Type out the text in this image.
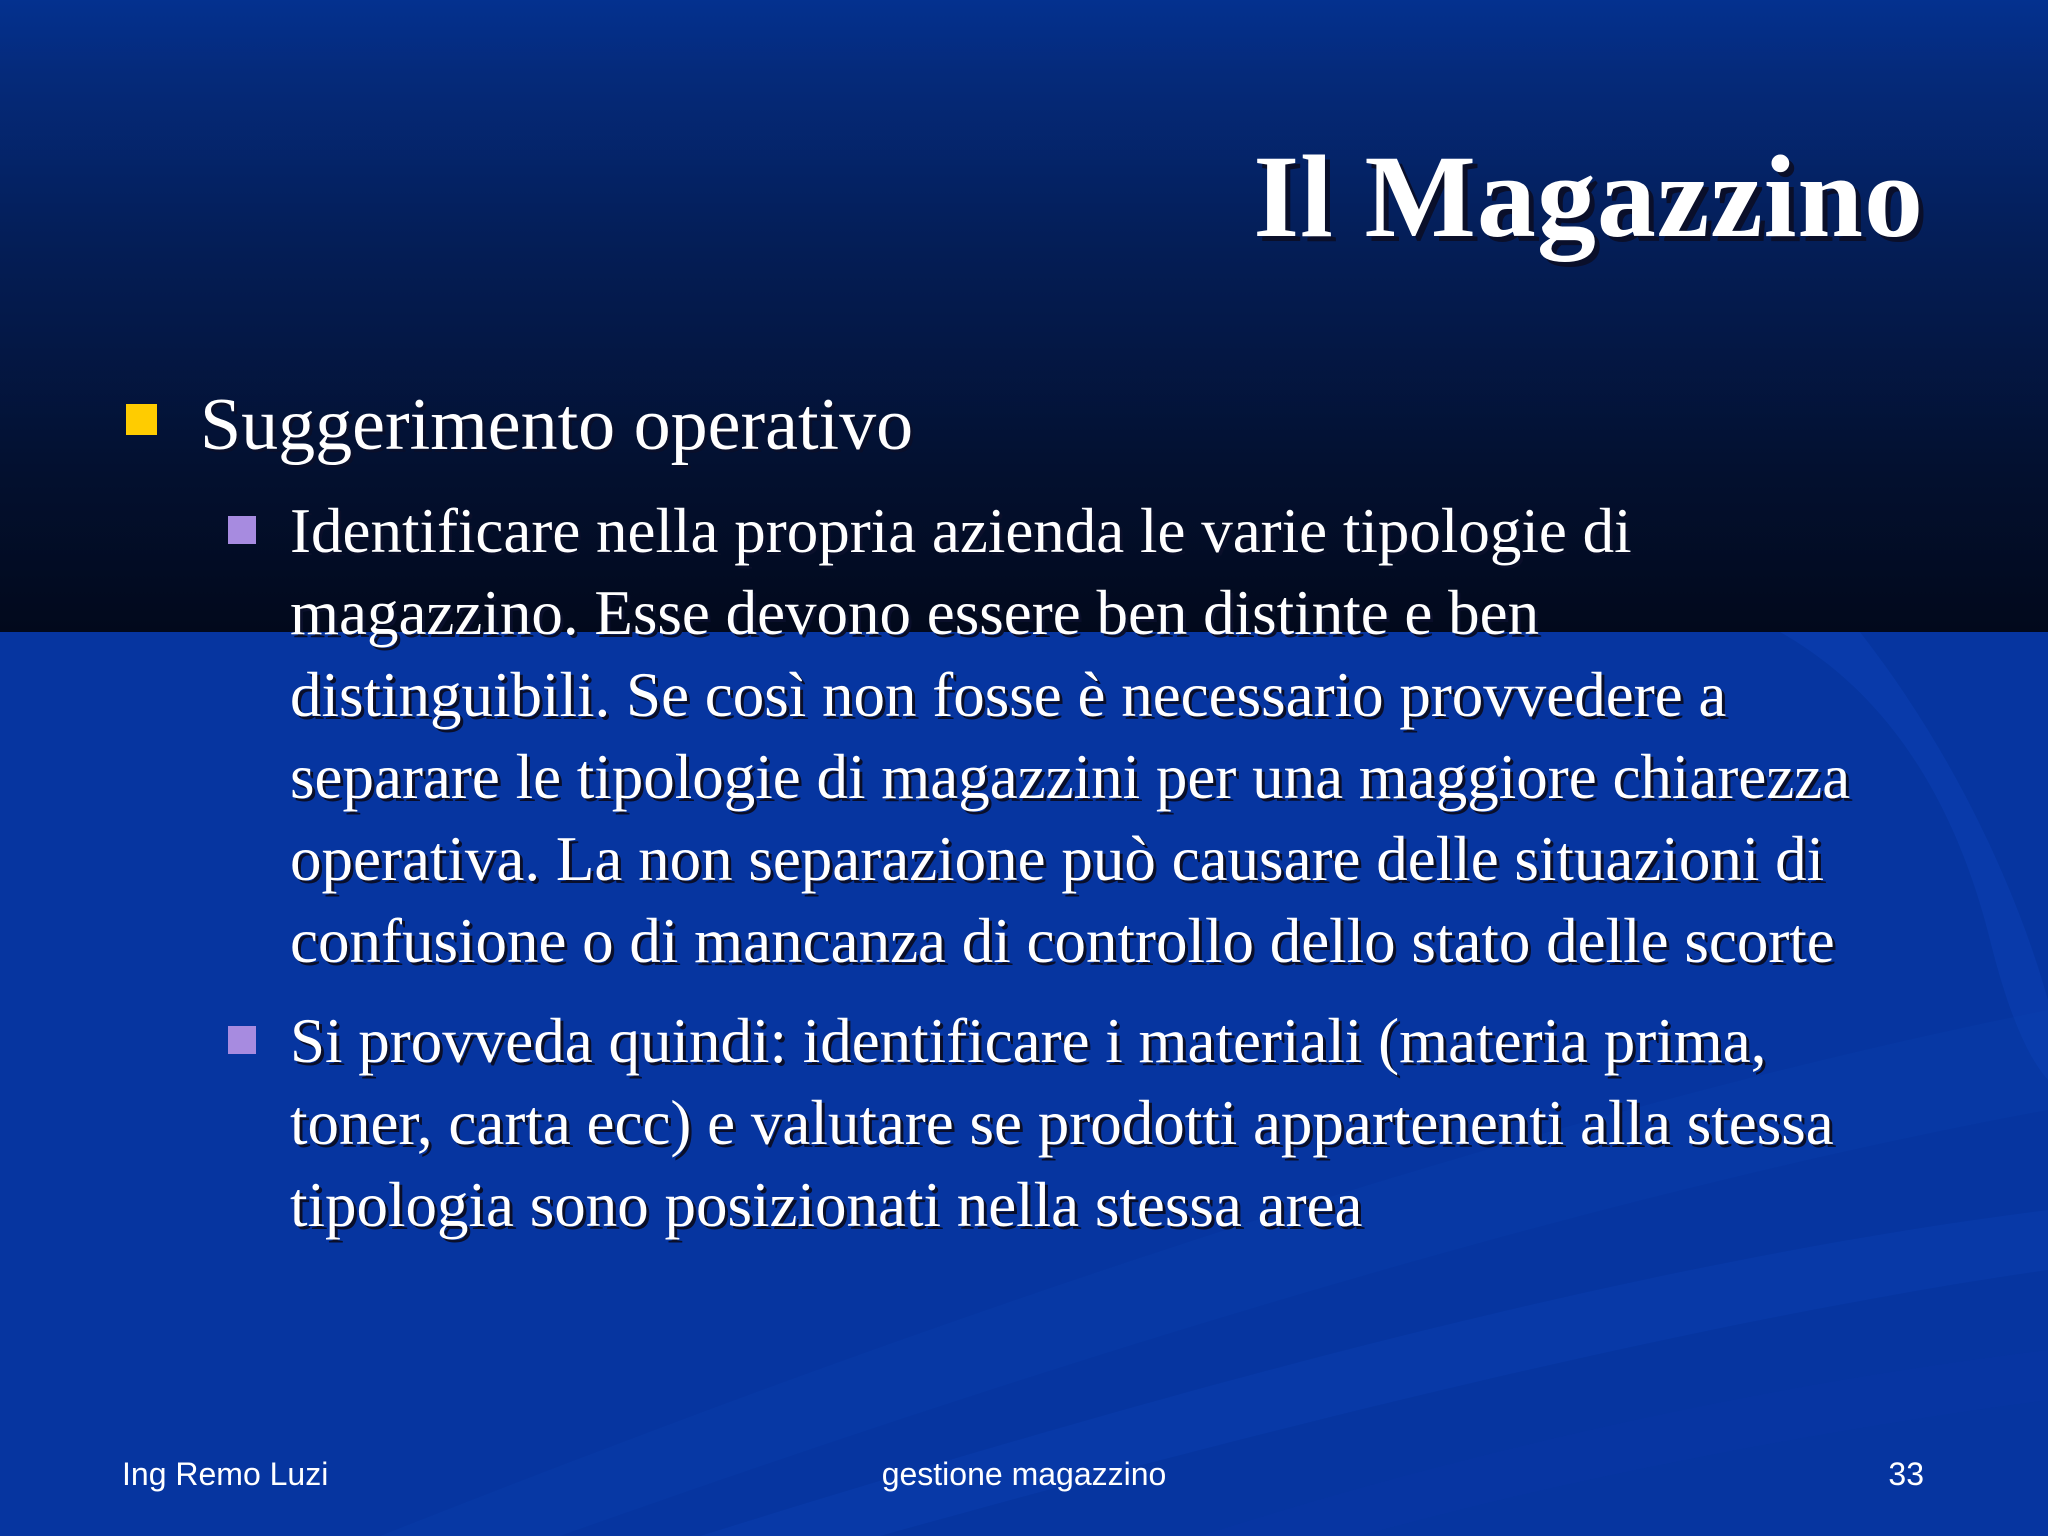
Il Magazzino
Suggerimento operativo
Identificare nella propria azienda le varie tipologie di
magazzino. Esse devono essere ben distinte e ben
distinguibili. Se così non fosse è necessario provvedere a
separare le tipologie di magazzini per una maggiore chiarezza
operativa. La non separazione può causare delle situazioni di
confusione o di mancanza di controllo dello stato delle scorte
Si provveda quindi: identificare i materiali (materia prima,
toner, carta ecc) e valutare se prodotti appartenenti alla stessa
tipologia sono posizionati nella stessa area
gestione magazzino
Ing Remo Luzi	33
